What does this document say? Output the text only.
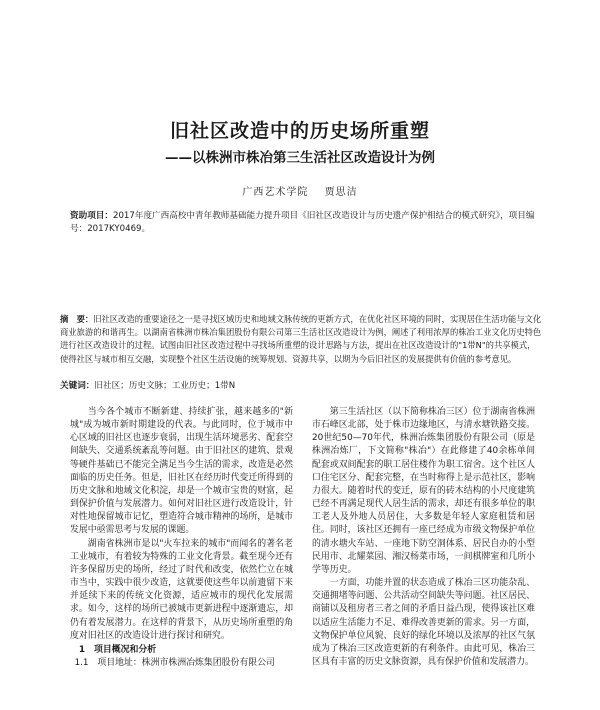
旧社区改造中的历史场所重塑
——以株洲市株冶第三生活社区改造设计为例
广西艺术学院 贾思洁
资助项目：2017年度广西高校中青年教师基础能力提升项目《旧社区改造设计与历史遗产保护相结合的模式研究》，项目编号：2017KY0469。
摘　要：旧社区改造的重要途径之一是寻找区域历史和地域文脉传统的更新方式，在优化社区环境的同时，实现居住生活功能与文化商业旅游的和谐再生。以湖南省株洲市株冶集团股份有限公司第三生活社区改造设计为例，阐述了利用浓厚的株冶工业文化历史特色进行社区改造设计的过程。试图由旧社区改造过程中寻找场所重塑的设计思路与方法，提出在社区改造设计的"1带N"的共享模式，使得社区与城市相互交融，实现整个社区生活设施的统筹规划、资源共享，以期为今后旧社区的发展提供有价值的参考意见。
关键词：旧社区；历史文脉；工业历史；1带N

当今各个城市不断新建、持续扩张，越来越多的"新城"成为城市新时期建设的代表。与此同时，位于城市中心区域的旧社区也逐步衰弱，出现生活环境恶劣、配套空间缺失、交通系统紊乱等问题。由于旧社区的建筑、景观等硬件基础已不能完全满足当今生活的需求，改造是必然面临的历史任务。但是，旧社区在经历时代变迁所得到的历史文脉和地域文化积淀，却是一个城市宝贵的财富，起到保护价值与发展潜力。如何对旧社区进行改造设计，针对性地保留城市记忆，塑造符合城市精神的场所，是城市发展中亟需思考与发展的课题。

湖南省株洲市是以"火车拉来的城市"而闻名的著名老工业城市，有着较为特殊的工业文化背景。截至现今还有许多保留历史的场所，经过了时代和改变，依然伫立在城市当中，实践中很少改造，这就要使这些年以前遗留下来并延续下来的传统文化资源，适应城市的现代化发展需求。如今，这样的场所已被城市更新进程中逐渐遗忘，却仍有着发展潜力。在这样的背景下，从历史场所重塑的角度对旧社区的改造设计进行探讨和研究。

1　项目概况和分析

1.1　项目地址：株洲市株洲冶炼集团股份有限公司

第三生活社区（以下简称株冶三区）位于湖南省株洲市石峰区北部，处于株市边缘地区，与清水塘铁路交接。20世纪50—70年代，株洲冶炼集团股份有限公司（原是株洲冶炼厂，下文简称"株冶"）在此修建了40余栋单间配套或双间配套的职工居住楼作为职工宿舍。这个社区人口住宅区分、配套完整，在当时称得上是示范社区，影响力很大。随着时代的变迁，原有的砖木结构的小尺度建筑已经不再满足现代人居生活的需求，却还有很多单位的职工老人及外地人员居住，大多数是年轻人家庭租赁和居住。同时，该社区还拥有一座已经成为市级文物保护单位的清水塘火车站、一座地下防空洞体系、居民自办的小型民用市、北耀菜园、湘汉杨菜市场，一间棋牌室和几所小学等历史。

一方面，功能并置的状态造成了株冶三区功能杂乱、交通拥堵等问题、公共活动空间缺失等问题。社区居民、商铺以及租房者三者之间的矛盾日益凸现，使得该社区难以适应生活能力不足、难得改善更新的需求。另一方面，文物保护单位风貌、良好的绿化环境以及浓厚的社区气氛成为了株冶三区改造更新的有利条件。由此可见，株冶三区具有丰富的历史文脉资源，具有保护价值和发展潜力。
